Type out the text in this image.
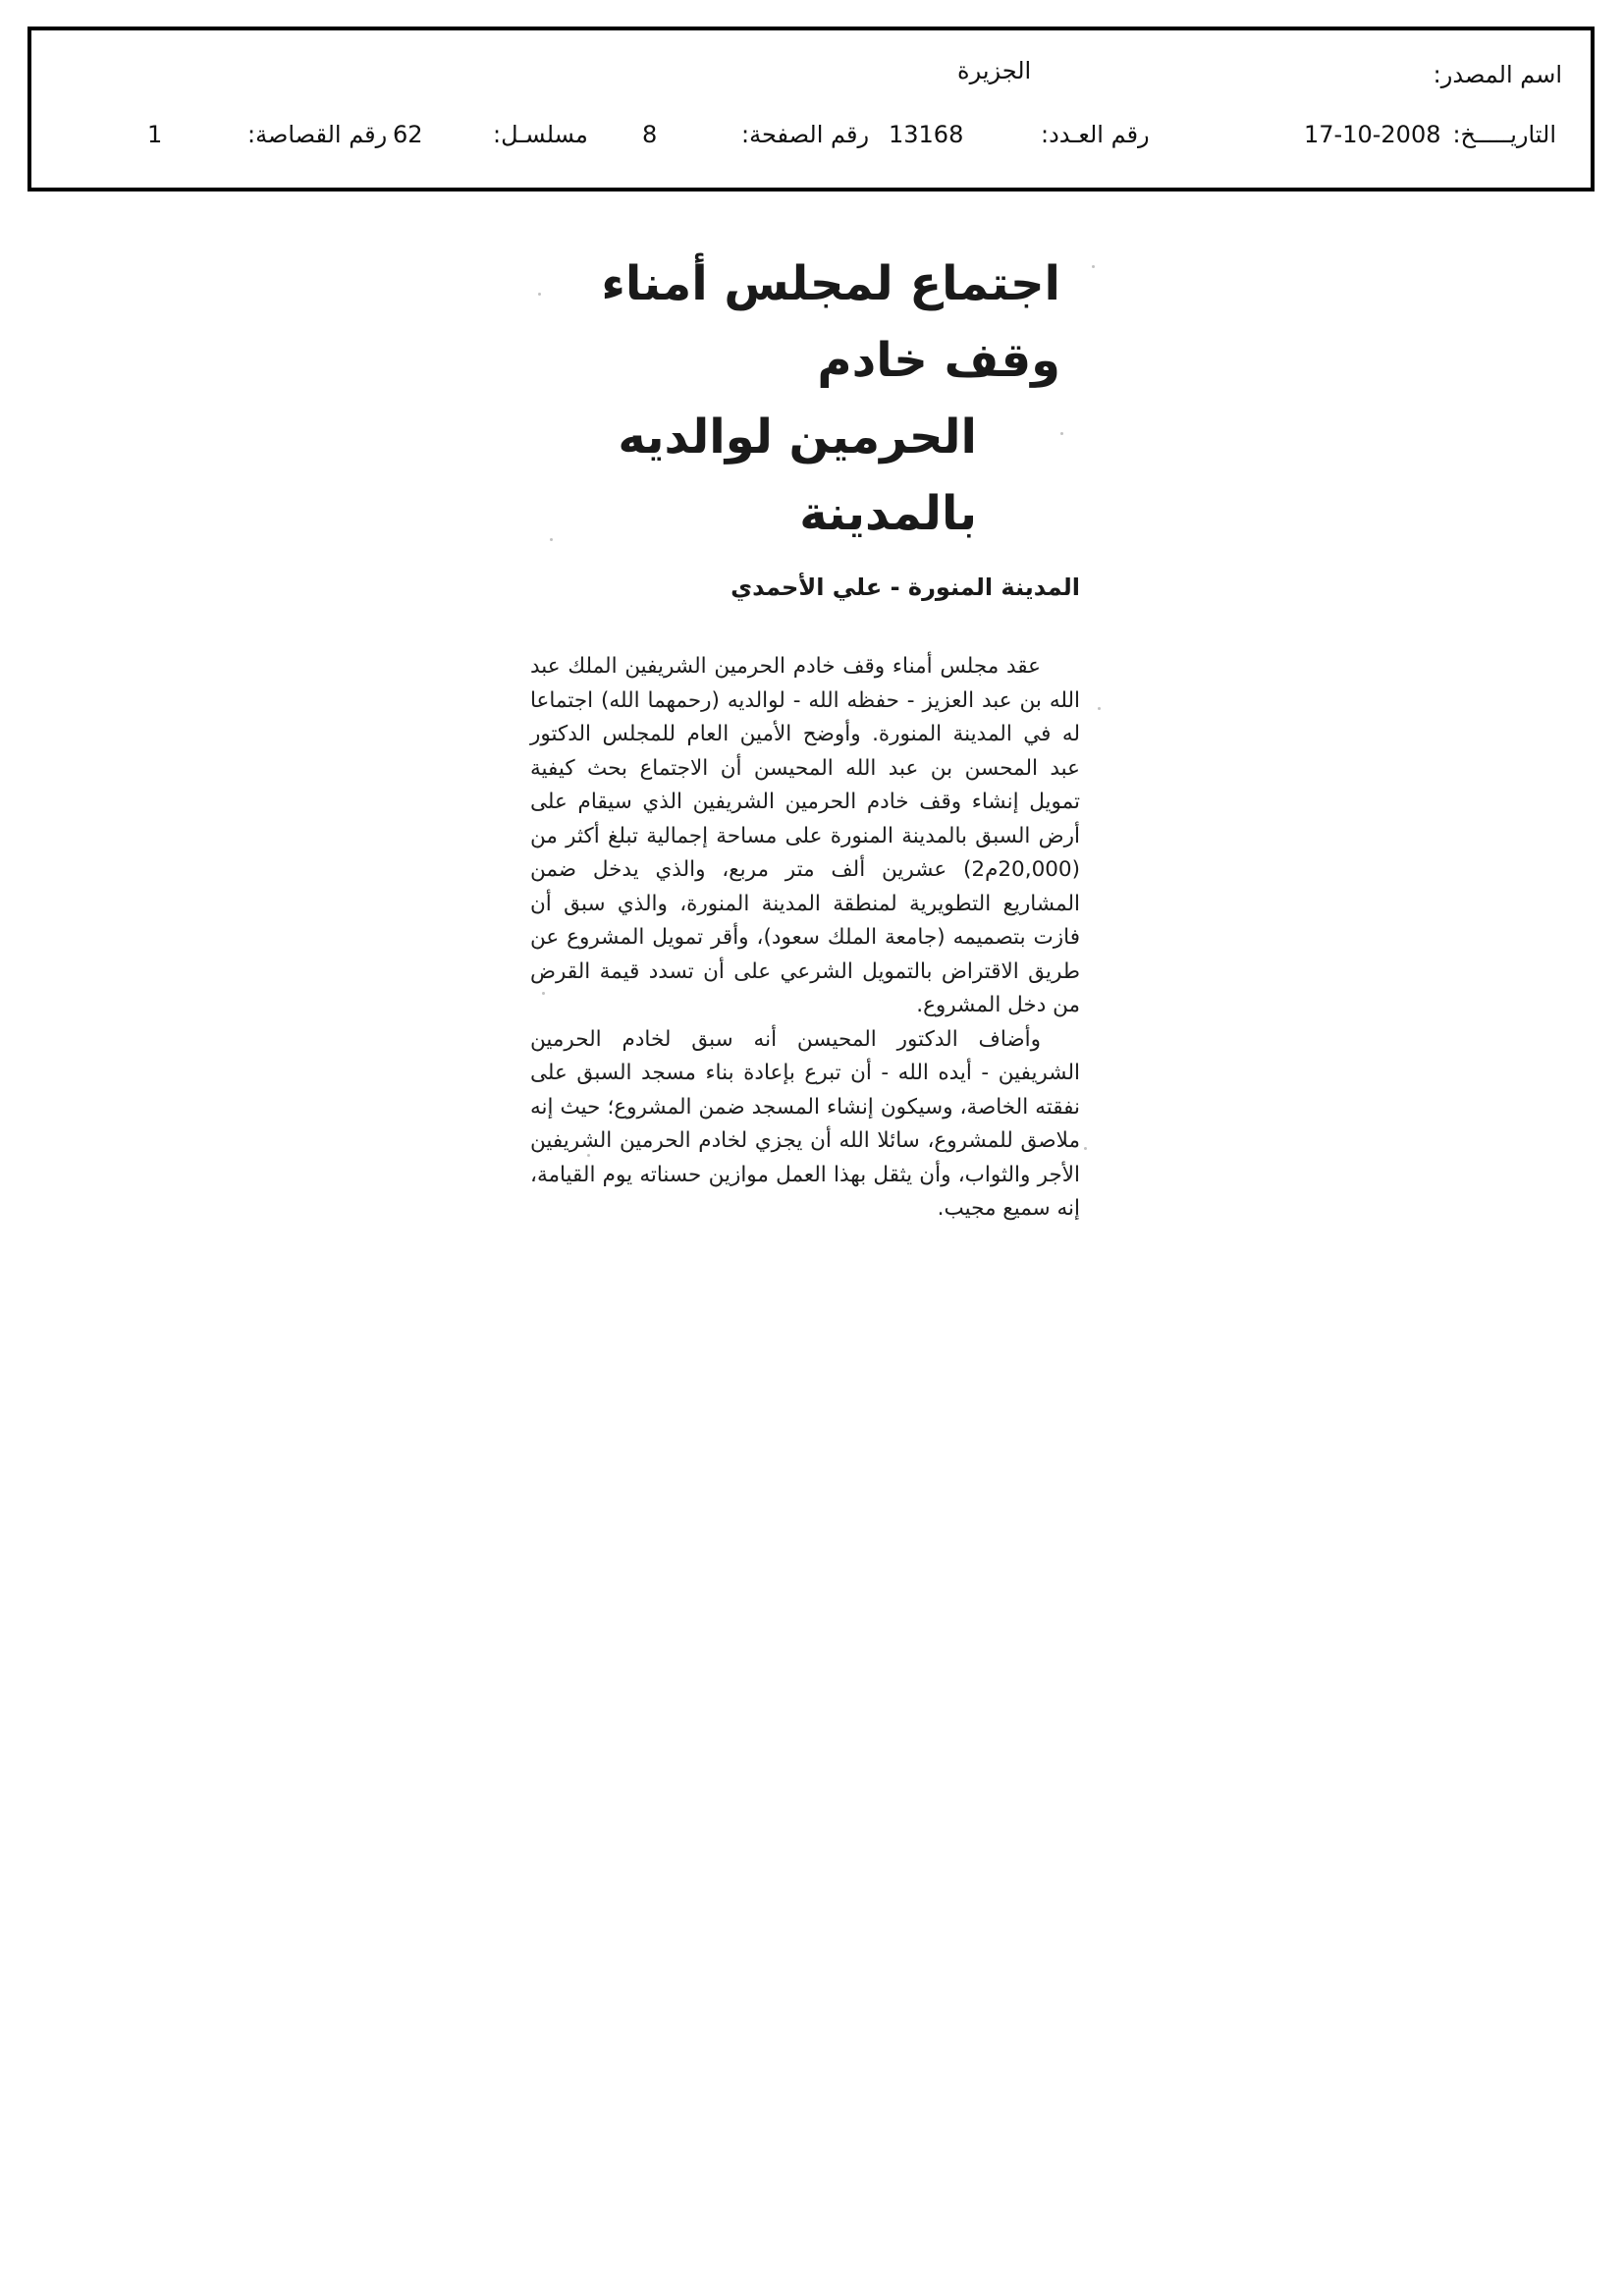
اسم المصدر:
الجزيرة
التاريـــــخ:
17-10-2008
رقم العـدد:
13168
رقم الصفحة:
8
مسلسـل:
62
رقم القصاصة:
1
اجتماع لمجلس أمناء وقف خادم
الحرمين لوالديه بالمدينة
المدينة المنورة - علي الأحمدي

عقد مجلس أمناء وقف خادم الحرمين الشريفين الملك عبد الله بن عبد العزيز - حفظه الله - لوالديه (رحمهما الله) اجتماعا له في المدينة المنورة. وأوضح الأمين العام للمجلس الدكتور عبد المحسن بن عبد الله المحيسن أن الاجتماع بحث كيفية تمويل إنشاء وقف خادم الحرمين الشريفين الذي سيقام على أرض السبق بالمدينة المنورة على مساحة إجمالية تبلغ أكثر من (20,000م2) عشرين ألف متر مربع، والذي يدخل ضمن المشاريع التطويرية لمنطقة المدينة المنورة، والذي سبق أن فازت بتصميمه (جامعة الملك سعود)، وأقر تمويل المشروع عن طريق الاقتراض بالتمويل الشرعي على أن تسدد قيمة القرض من دخل المشروع.

وأضاف الدكتور المحيسن أنه سبق لخادم الحرمين الشريفين - أيده الله - أن تبرع بإعادة بناء مسجد السبق على نفقته الخاصة، وسيكون إنشاء المسجد ضمن المشروع؛ حيث إنه ملاصق للمشروع، سائلا الله أن يجزي لخادم الحرمين الشريفين الأجر والثواب، وأن يثقل بهذا العمل موازين حسناته يوم القيامة، إنه سميع مجيب.
